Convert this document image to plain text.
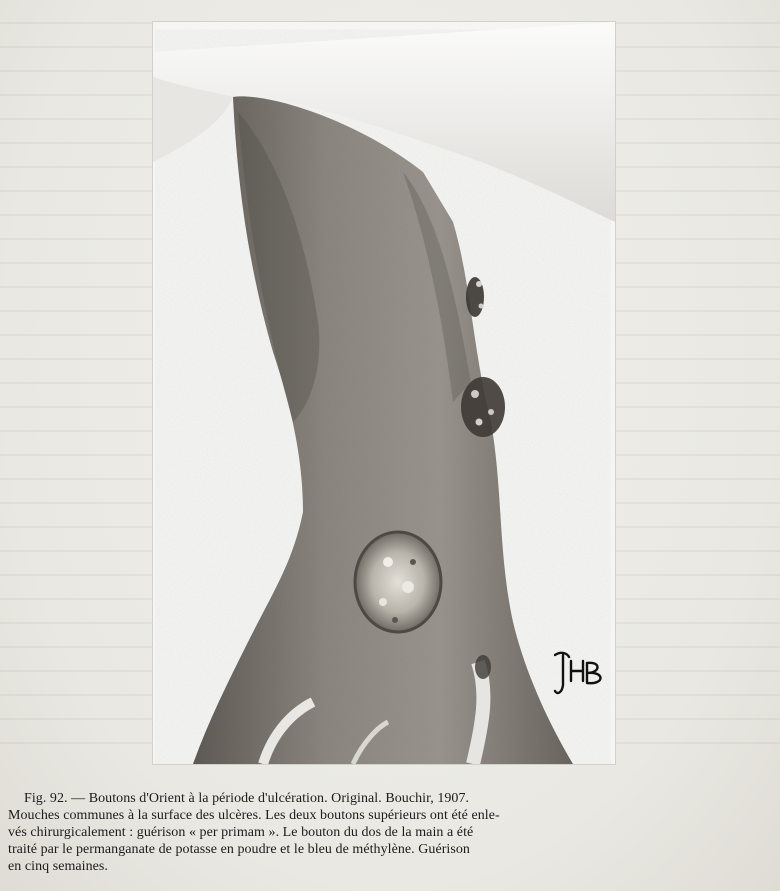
Fig. 92. — Boutons d'Orient à la période d'ulcération. Original. Bouchir, 1907.
Mouches communes à la surface des ulcères. Les deux boutons supérieurs ont été enle-
vés chirurgicalement : guérison « per primam ». Le bouton du dos de la main a été
traité par le permanganate de potasse en poudre et le bleu de méthylène. Guérison
en cinq semaines.
